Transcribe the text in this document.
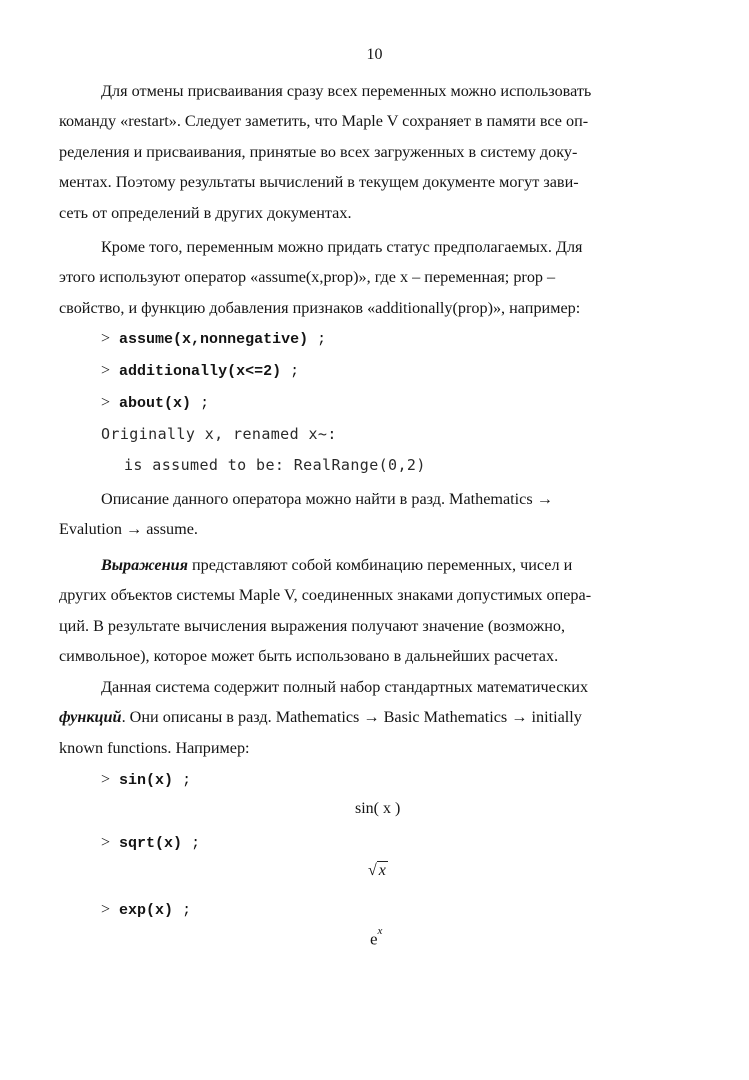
10
Для отмены присваивания сразу всех переменных можно использовать
команду «restart». Следует заметить, что Maple V сохраняет в памяти все оп-
ределения и присваивания, принятые во всех загруженных в систему доку-
ментах. Поэтому результаты вычислений в текущем документе могут зави-
сеть от определений в других документах.
Кроме того, переменным можно придать статус предполагаемых. Для
этого используют оператор «assume(x,prop)», где x – переменная; prop –
свойство, и функцию добавления признаков «additionally(prop)», например:
> assume(x,nonnegative) ;
> additionally(x<=2) ;
> about(x) ;
Originally x, renamed x~:
is assumed to be: RealRange(0,2)
Описание данного оператора можно найти в разд. Mathematics →
Evalution → assume.
Выражения представляют собой комбинацию переменных, чисел и
других объектов системы Maple V, соединенных знаками допустимых опера-
ций. В результате вычисления выражения получают значение (возможно,
символьное), которое может быть использовано в дальнейших расчетах.
Данная система содержит полный набор стандартных математических
функций. Они описаны в разд. Mathematics → Basic Mathematics → initially
known functions. Например:
> sin(x) ;
sin( x )
> sqrt(x) ;
√ x
> exp(x) ;
$e^x$
